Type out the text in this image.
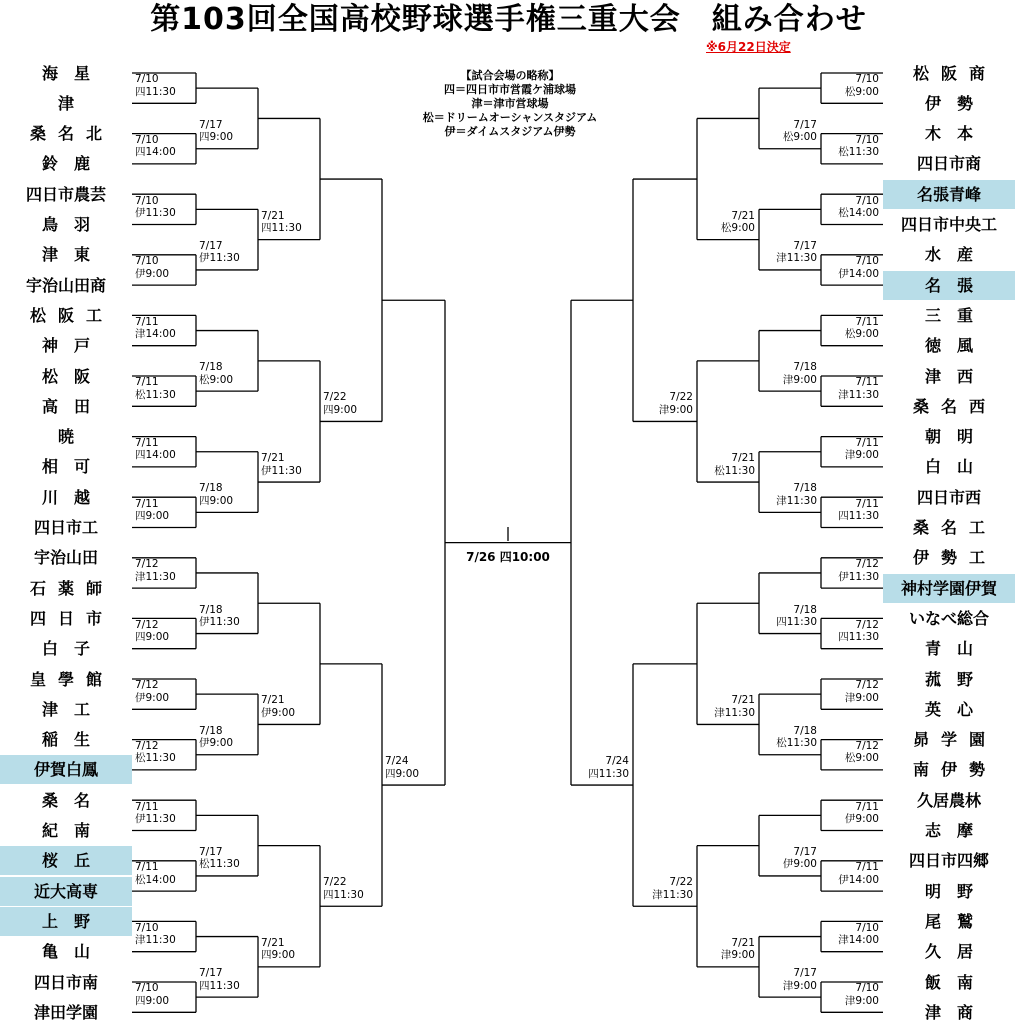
第103回全国高校野球選手権三重大会　組み合わせ
※6月22日決定
【試合会場の略称】
四＝四日市市営霞ケ浦球場
津＝津市営球場
松＝ドリームオーシャンスタジアム
伊＝ダイムスタジアム伊勢
7/10
四11:30
7/10
四14:00
7/10
伊11:30
7/10
伊9:00
7/11
津14:00
7/11
松11:30
7/11
四14:00
7/11
四9:00
7/12
津11:30
7/12
四9:00
7/12
伊9:00
7/12
松11:30
7/11
伊11:30
7/11
松14:00
7/10
津11:30
7/10
四9:00
7/17
四9:00
7/17
伊11:30
7/18
松9:00
7/18
四9:00
7/18
伊11:30
7/18
伊9:00
7/17
松11:30
7/17
四11:30
7/21
四11:30
7/21
伊11:30
7/21
伊9:00
7/21
四9:00
7/22
四9:00
7/22
四11:30
7/24
四9:00
7/10
松9:00
7/10
松11:30
7/10
松14:00
7/10
伊14:00
7/11
松9:00
7/11
津11:30
7/11
津9:00
7/11
四11:30
7/12
伊11:30
7/12
四11:30
7/12
津9:00
7/12
松9:00
7/11
伊9:00
7/11
伊14:00
7/10
津14:00
7/10
津9:00
7/17
松9:00
7/17
津11:30
7/18
津9:00
7/18
津11:30
7/18
四11:30
7/18
松11:30
7/17
伊9:00
7/17
津9:00
7/21
松9:00
7/21
松11:30
7/21
津11:30
7/21
津9:00
7/22
津9:00
7/22
津11:30
7/24
四11:30
海　星
津
桑名北
鈴　鹿
四日市農芸
鳥　羽
津　東
宇治山田商
松阪工
神　戸
松　阪
高　田
暁
相　可
川　越
四日市工
宇治山田
石薬師
四日市
白　子
皇學館
津　工
稲　生
伊賀白鳳
桑　名
紀　南
桜　丘
近大高専
上　野
亀　山
四日市南
津田学園
松阪商
伊　勢
木　本
四日市商
名張青峰
四日市中央工
水　産
名　張
三　重
徳　風
津　西
桑名西
朝　明
白　山
四日市西
桑名工
伊勢工
神村学園伊賀
いなべ総合
青　山
菰　野
英　心
昴学園
南伊勢
久居農林
志　摩
四日市四郷
明　野
尾　鷲
久　居
飯　南
津　商
7/26 四10:00
